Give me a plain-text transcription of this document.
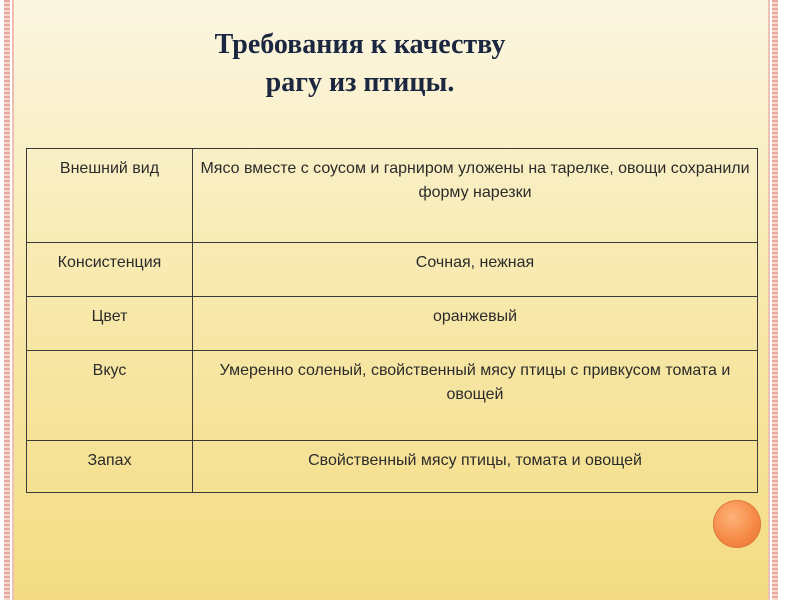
Требования к качеству
рагу из птицы.
Внешний вид	Мясо вместе с соусом и гарниром уложены на тарелке, овощи сохранили форму нарезки
Консистенция	Сочная, нежная
Цвет	оранжевый
Вкус	Умеренно соленый, свойственный мясу птицы с привкусом томата и овощей
Запах	Свойственный мясу птицы, томата и овощей
